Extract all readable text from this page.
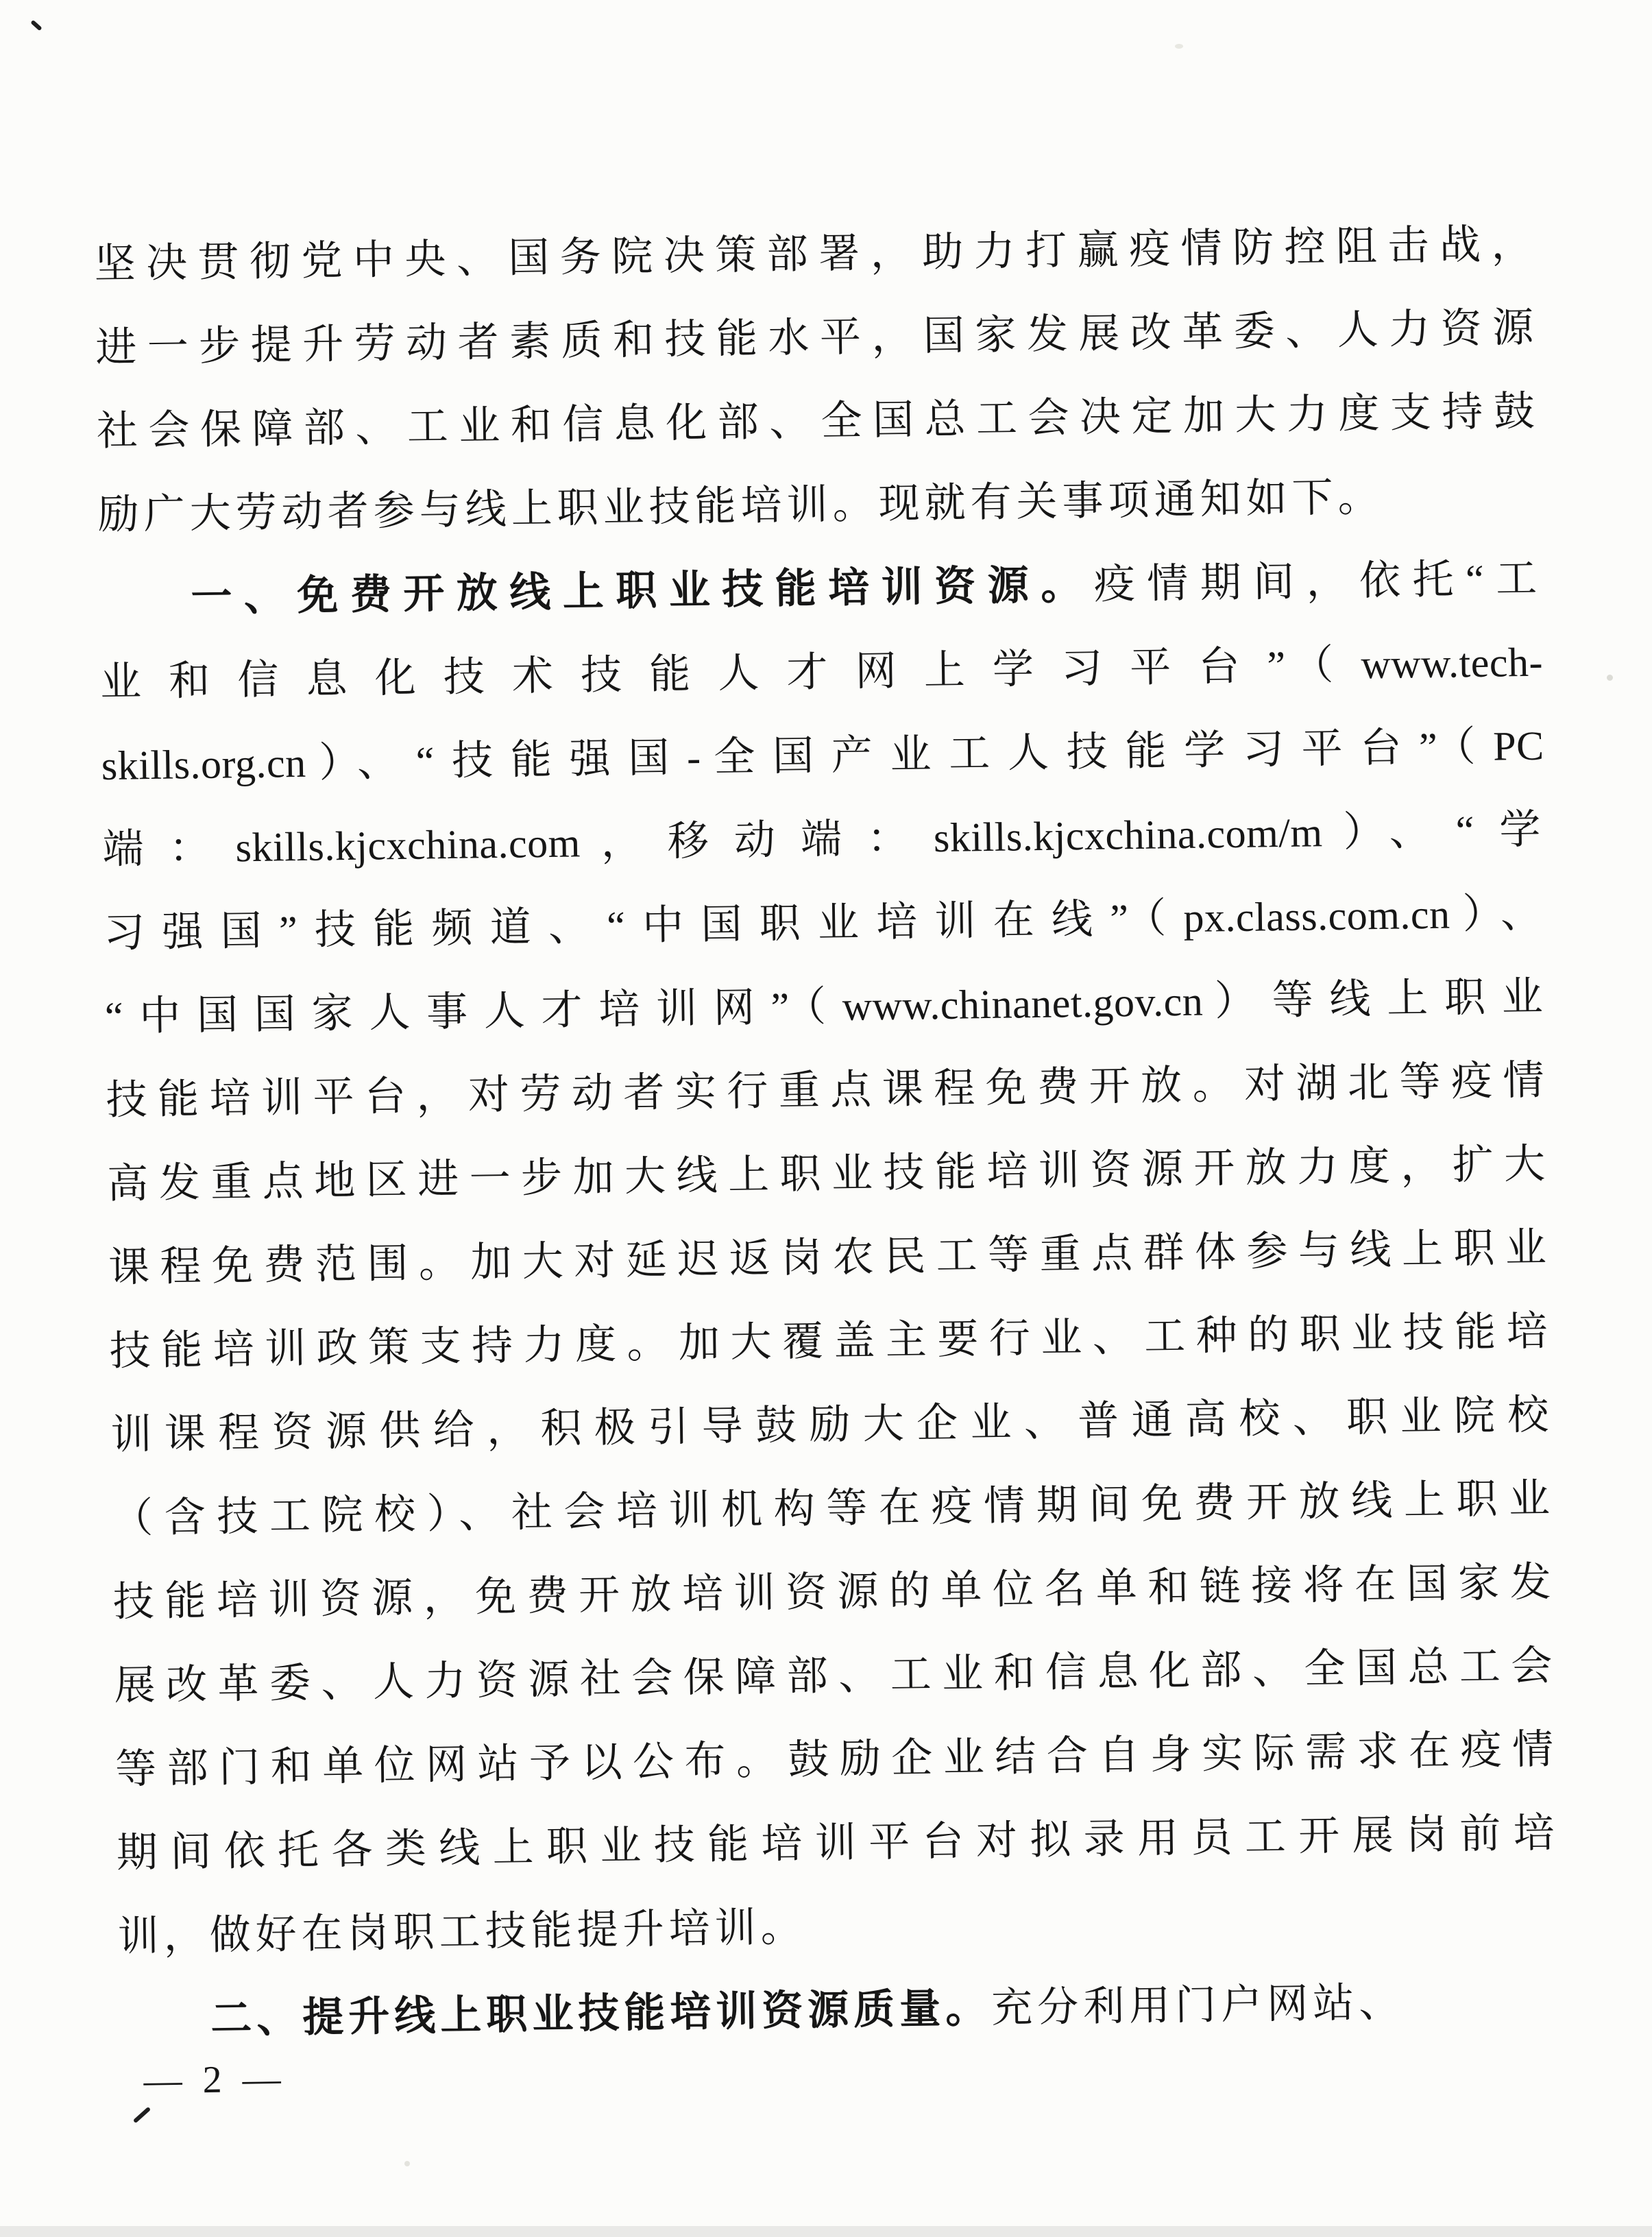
坚决贯彻党中央、国务院决策部署，助力打赢疫情防控阻击战，
进一步提升劳动者素质和技能水平，国家发展改革委、人力资源
社会保障部、工业和信息化部、全国总工会决定加大力度支持鼓
励广大劳动者参与线上职业技能培训。现就有关事项通知如下。
一、免费开放线上职业技能培训资源。疫情期间，依托“工
业和信息化技术技能人才网上学习平台”（www.tech-
skills.org.cn）、“技能强国-全国产业工人技能学习平台”（PC
端：skills.kjcxchina.com，移动端：skills.kjcxchina.com/m）、“学
习强国”技能频道、“中国职业培训在线”（px.class.com.cn）、
“中国国家人事人才培训网”（www.chinanet.gov.cn）等线上职业
技能培训平台，对劳动者实行重点课程免费开放。对湖北等疫情
高发重点地区进一步加大线上职业技能培训资源开放力度，扩大
课程免费范围。加大对延迟返岗农民工等重点群体参与线上职业
技能培训政策支持力度。加大覆盖主要行业、工种的职业技能培
训课程资源供给，积极引导鼓励大企业、普通高校、职业院校
（含技工院校）、社会培训机构等在疫情期间免费开放线上职业
技能培训资源，免费开放培训资源的单位名单和链接将在国家发
展改革委、人力资源社会保障部、工业和信息化部、全国总工会
等部门和单位网站予以公布。鼓励企业结合自身实际需求在疫情
期间依托各类线上职业技能培训平台对拟录用员工开展岗前培
训，做好在岗职工技能提升培训。
二、提升线上职业技能培训资源质量。充分利用门户网站、
— 2 —
